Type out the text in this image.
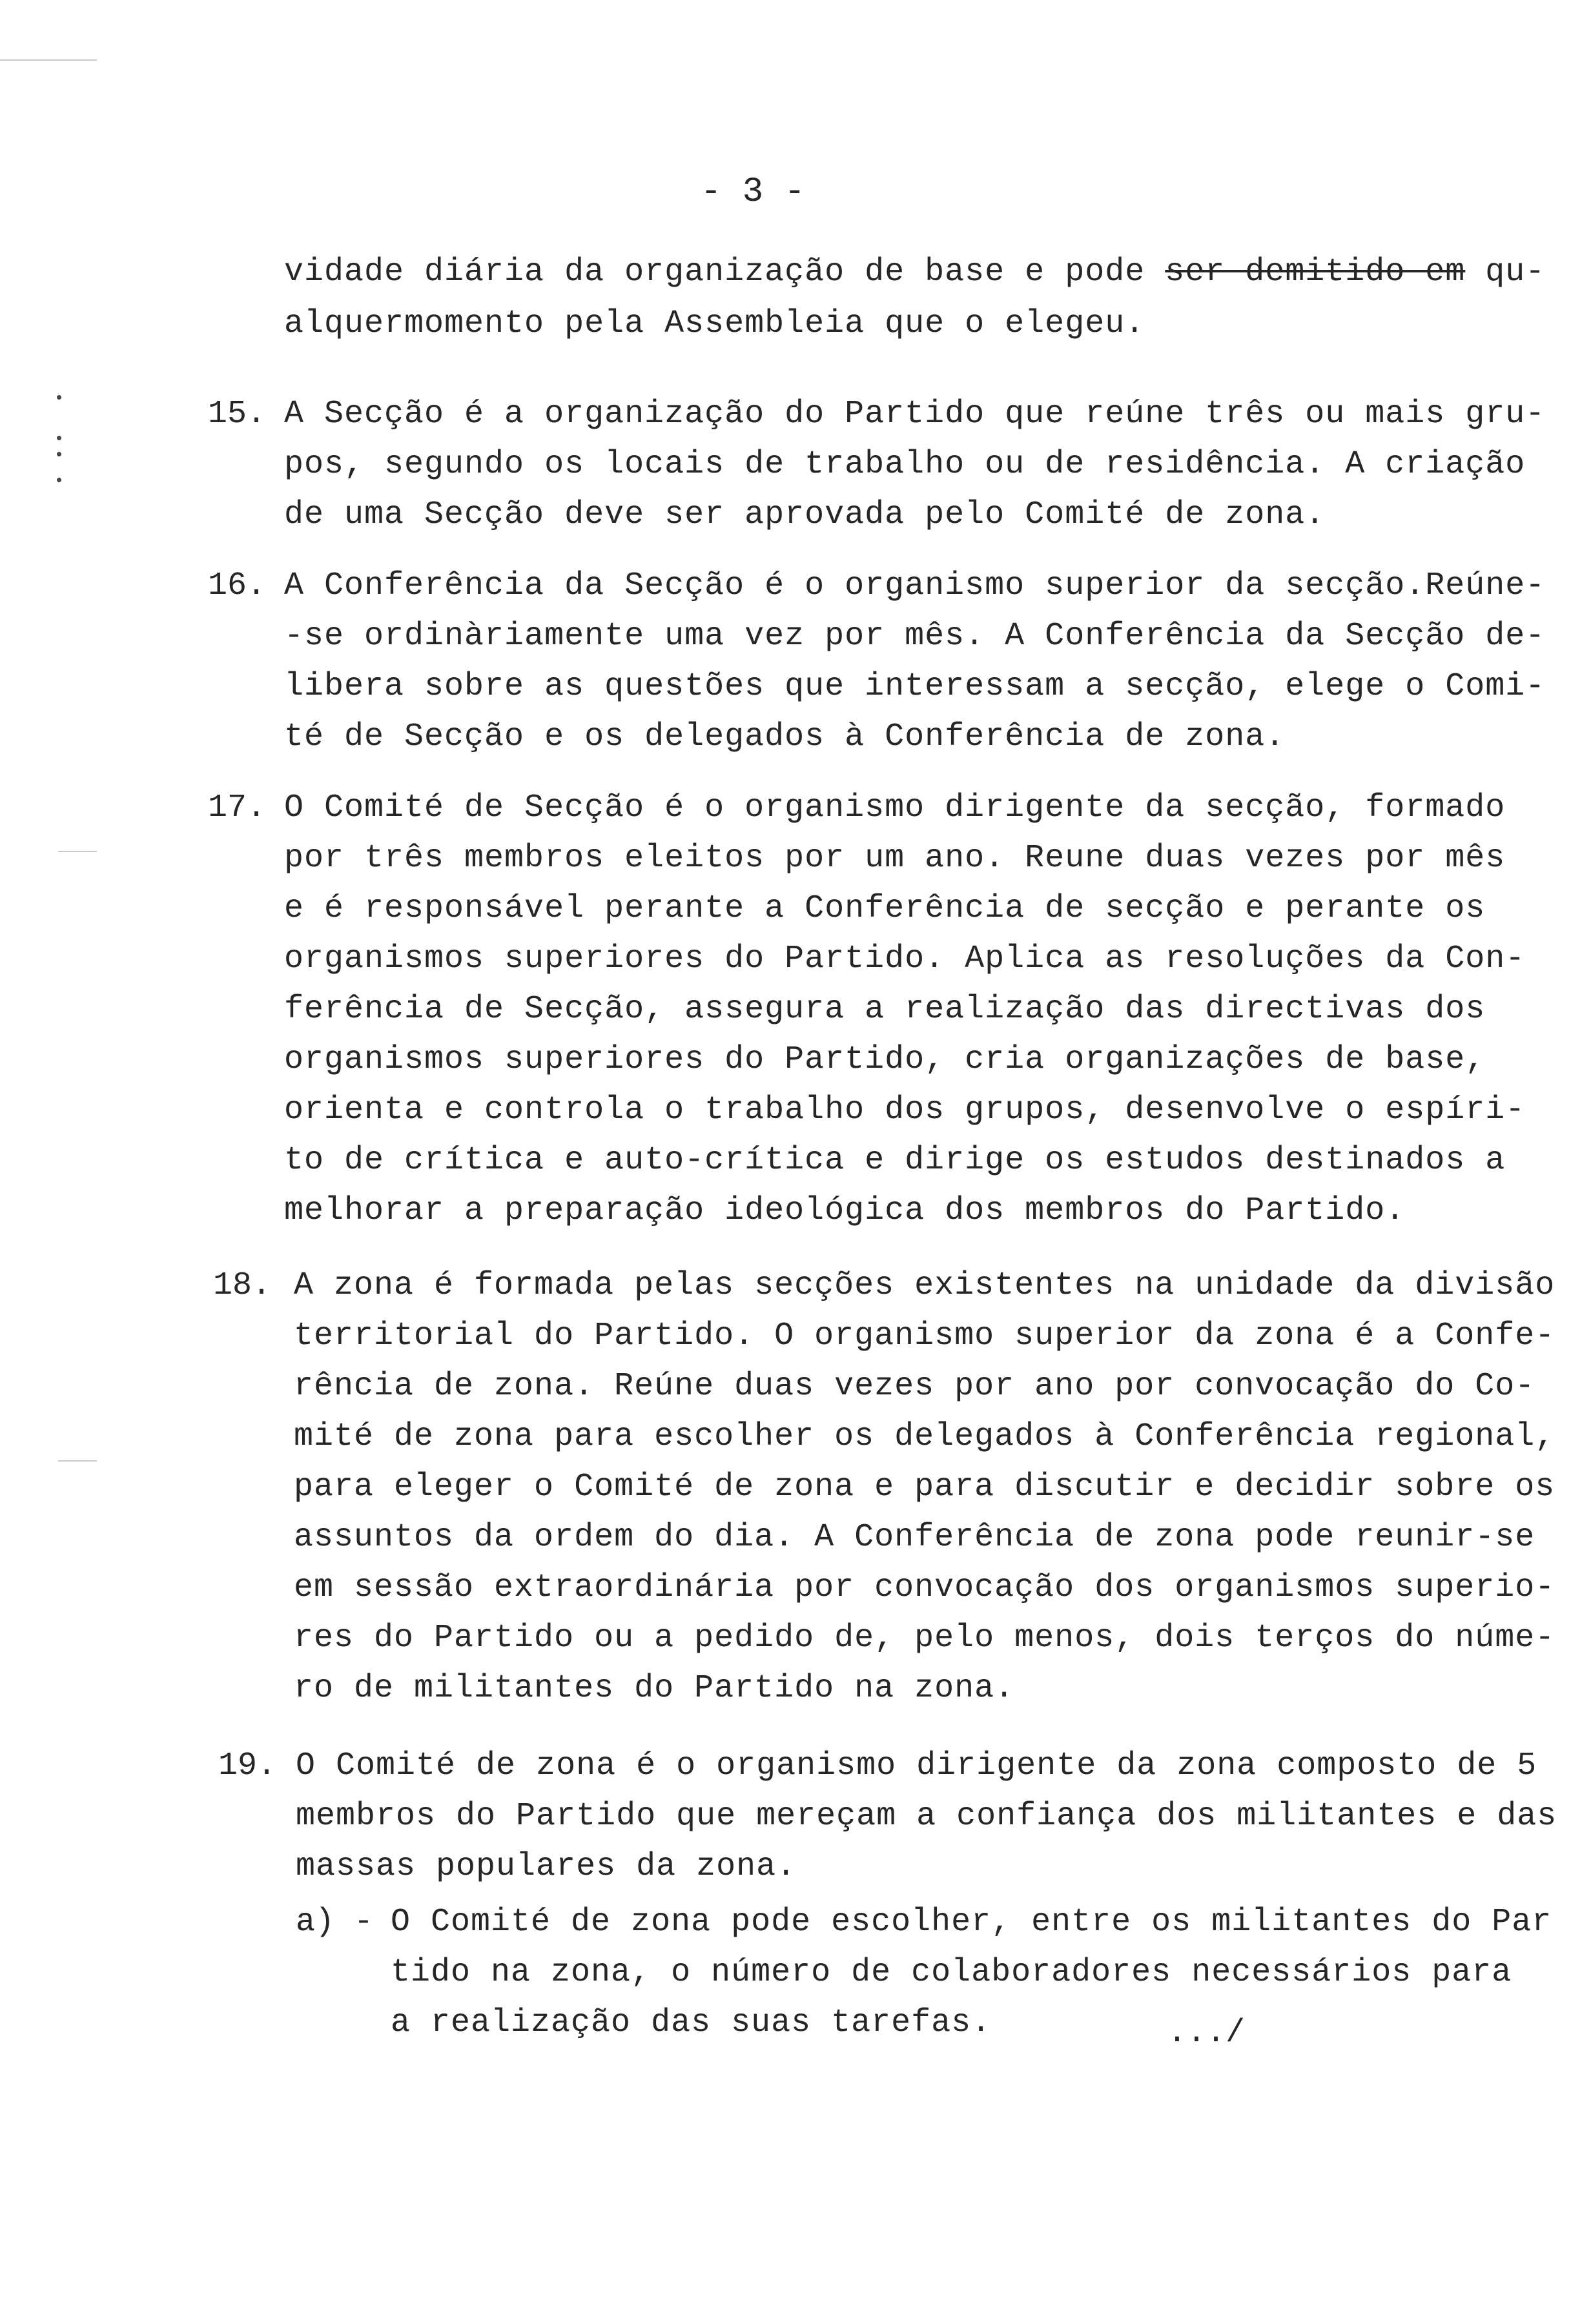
- 3 -
vidade diária da organização de base e pode ser demitido em qu-
alquermomento pela Assembleia que o elegeu.
15. A Secção é a organização do Partido que reúne três ou mais gru-
pos, segundo os locais de trabalho ou de residência. A criação
de uma Secção deve ser aprovada pelo Comité de zona.
16. A Conferência da Secção é o organismo superior da secção.Reúne-
-se ordinàriamente uma vez por mês. A Conferência da Secção de-
libera sobre as questões que interessam a secção, elege o Comi-
té de Secção e os delegados à Conferência de zona.
17. O Comité de Secção é o organismo dirigente da secção, formado
por três membros eleitos por um ano. Reune duas vezes por mês
e é responsável perante a Conferência de secção e perante os
organismos superiores do Partido. Aplica as resoluções da Con-
ferência de Secção, assegura a realização das directivas dos
organismos superiores do Partido, cria organizações de base,
orienta e controla o trabalho dos grupos, desenvolve o espíri-
to de crítica e auto-crítica e dirige os estudos destinados a
melhorar a preparação ideológica dos membros do Partido.
18. A zona é formada pelas secções existentes na unidade da divisão
territorial do Partido. O organismo superior da zona é a Confe-
rência de zona. Reúne duas vezes por ano por convocação do Co-
mité de zona para escolher os delegados à Conferência regional,
para eleger o Comité de zona e para discutir e decidir sobre os
assuntos da ordem do dia. A Conferência de zona pode reunir-se
em sessão extraordinária por convocação dos organismos superio-
res do Partido ou a pedido de, pelo menos, dois terços do núme-
ro de militantes do Partido na zona.
19. O Comité de zona é o organismo dirigente da zona composto de 5
membros do Partido que mereçam a confiança dos militantes e das
massas populares da zona.
a) - O Comité de zona pode escolher, entre os militantes do Par
tido na zona, o número de colaboradores necessários para
a realização das suas tarefas.	.../
